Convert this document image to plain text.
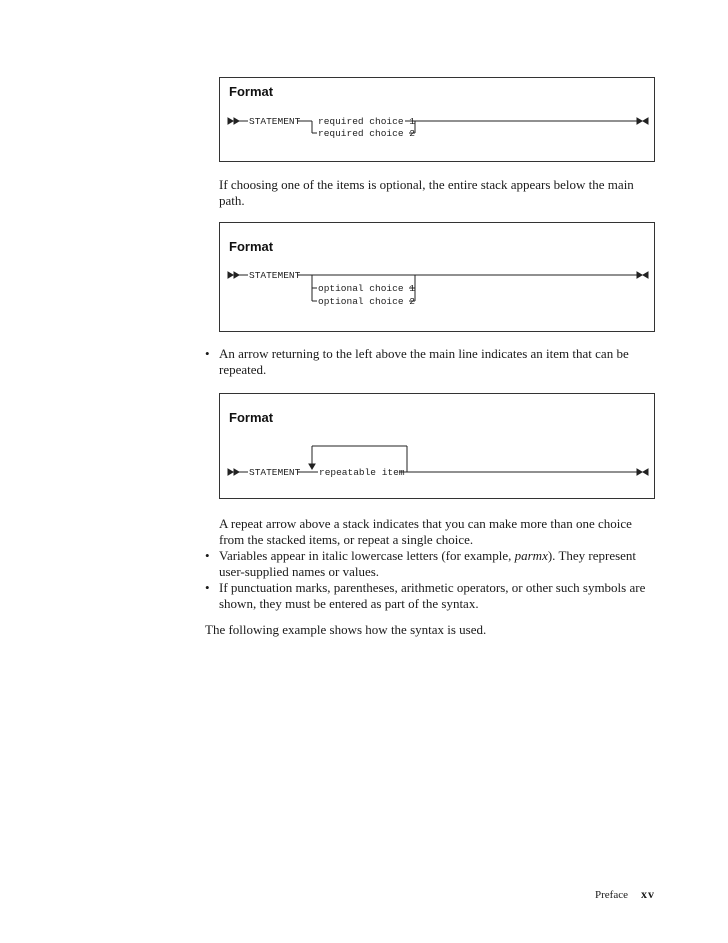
Format
STATEMENT required choice 1
required choice 2

If choosing one of the items is optional, the entire stack appears below the main path.

Format
STATEMENT
optional choice 1
optional choice 2
• An arrow returning to the left above the main line indicates an item that can be repeated.

Format
STATEMENT repeatable item

A repeat arrow above a stack indicates that you can make more than one choice from the stacked items, or repeat a single choice.

• Variables appear in italic lowercase letters (for example, parmx). They represent user-supplied names or values.

• If punctuation marks, parentheses, arithmetic operators, or other such symbols are shown, they must be entered as part of the syntax.

The following example shows how the syntax is used.

Preface xv
